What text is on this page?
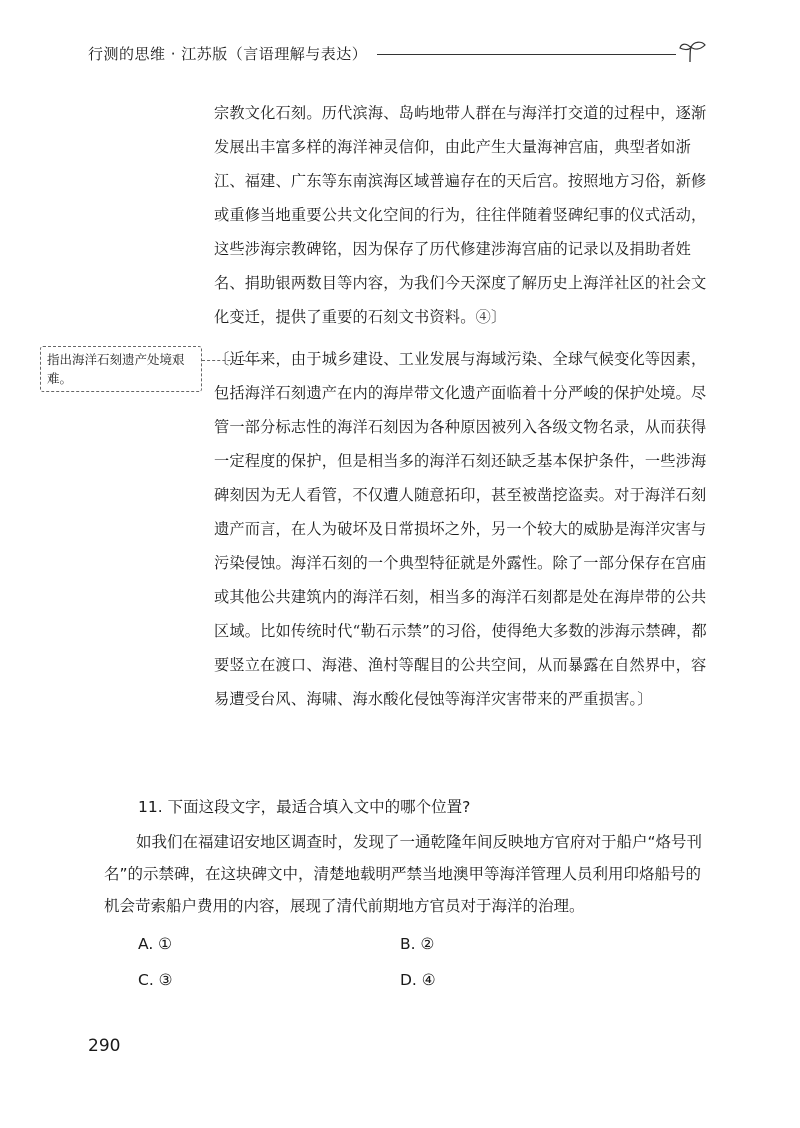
行测的思维 · 江苏版（言语理解与表达）

宗教文化石刻。历代滨海、岛屿地带人群在与海洋打交道的过程中，逐渐发展出丰富多样的海洋神灵信仰，由此产生大量海神宫庙，典型者如浙江、福建、广东等东南滨海区域普遍存在的天后宫。按照地方习俗，新修或重修当地重要公共文化空间的行为，往往伴随着竖碑纪事的仪式活动，这些涉海宗教碑铭，因为保存了历代修建涉海宫庙的记录以及捐助者姓名、捐助银两数目等内容，为我们今天深度了解历史上海洋社区的社会文化变迁，提供了重要的石刻文书资料。④〕

指出海洋石刻遗产处境艰难。

〔近年来，由于城乡建设、工业发展与海域污染、全球气候变化等因素，包括海洋石刻遗产在内的海岸带文化遗产面临着十分严峻的保护处境。尽管一部分标志性的海洋石刻因为各种原因被列入各级文物名录，从而获得一定程度的保护，但是相当多的海洋石刻还缺乏基本保护条件，一些涉海碑刻因为无人看管，不仅遭人随意拓印，甚至被凿挖盗卖。对于海洋石刻遗产而言，在人为破坏及日常损坏之外，另一个较大的威胁是海洋灾害与污染侵蚀。海洋石刻的一个典型特征就是外露性。除了一部分保存在宫庙或其他公共建筑内的海洋石刻，相当多的海洋石刻都是处在海岸带的公共区域。比如传统时代“勒石示禁”的习俗，使得绝大多数的涉海示禁碑，都要竖立在渡口、海港、渔村等醒目的公共空间，从而暴露在自然界中，容易遭受台风、海啸、海水酸化侵蚀等海洋灾害带来的严重损害。〕

11. 下面这段文字，最适合填入文中的哪个位置?

如我们在福建诏安地区调查时，发现了一通乾隆年间反映地方官府对于船户“烙号刊名”的示禁碑，在这块碑文中，清楚地载明严禁当地澳甲等海洋管理人员利用印烙船号的机会苛索船户费用的内容，展现了清代前期地方官员对于海洋的治理。

A. ①	B. ②
C. ③	D. ④
290
